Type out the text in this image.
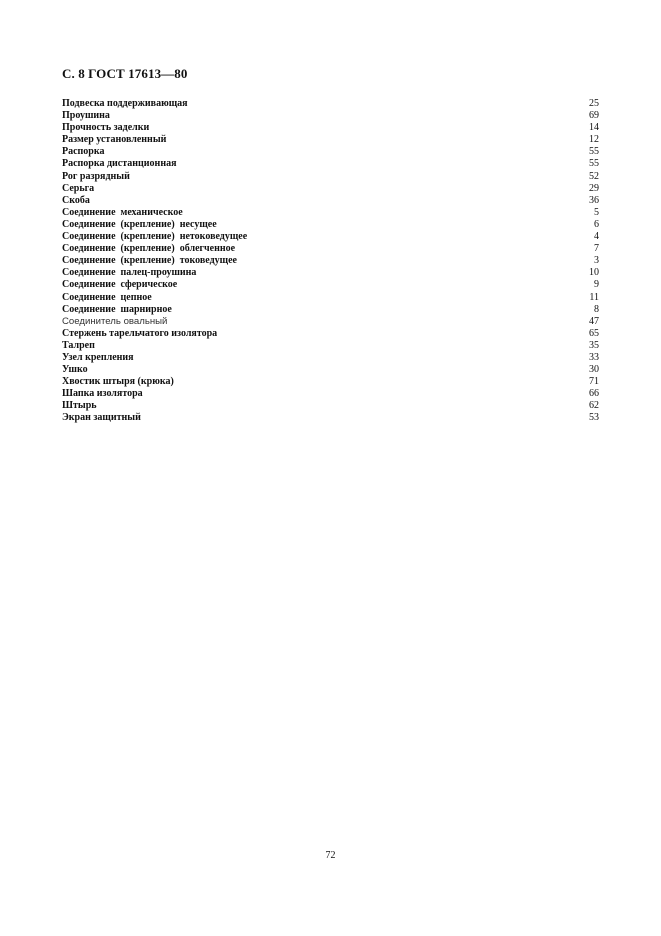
С. 8 ГОСТ 17613—80
Подвеска поддерживающая	25
Проушина	69
Прочность заделки	14
Размер установленный	12
Распорка	55
Распорка дистанционная	55
Рог разрядный	52
Серьга	29
Скоба	36
Соединение  механическое	5
Соединение  (крепление)  несущее	6
Соединение  (крепление)  нетоковедущее	4
Соединение  (крепление)  облегченное	7
Соединение  (крепление)  токоведущее	3
Соединение  палец-проушина	10
Соединение  сферическое	9
Соединение  цепное	11
Соединение  шарнирное	8
Соединитель овальный	47
Стержень тарельчатого изолятора	65
Талреп	35
Узел крепления	33
Ушко	30
Хвостик штыря (крюка)	71
Шапка изолятора	66
Штырь	62
Экран защитный	53
72
